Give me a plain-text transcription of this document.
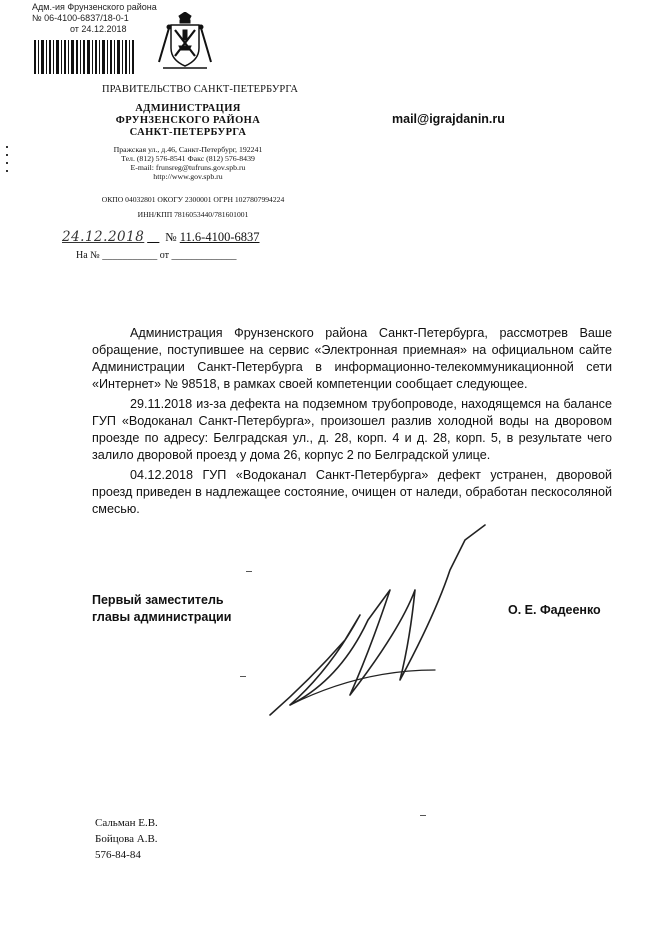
Адм.-ия Фрунзенского района
№ 06-4100-6837/18-0-1
от 24.12.2018
ПРАВИТЕЛЬСТВО САНКТ-ПЕТЕРБУРГА
АДМИНИСТРАЦИЯ
ФРУНЗЕНСКОГО РАЙОНА
САНКТ-ПЕТЕРБУРГА
Пражская ул., д.46, Санкт-Петербург, 192241
Тел. (812) 576-8541 Факс (812) 576-8439
E-mail: frunsreg@tufruns.gov.spb.ru
http://www.gov.spb.ru
ОКПО 04032801 ОКОГУ 2300001 ОГРН 1027807994224
ИНН/КПП 7816053440/781601001
24.12.2018 __ № 11.6-4100-6837
На № ___________ от _____________
mail@igrajdanin.ru

Администрация Фрунзенского района Санкт-Петербурга, рассмотрев Ваше обращение, поступившее на сервис «Электронная приемная» на официальном сайте Администрации Санкт-Петербурга в информационно-телекоммуникационной сети «Интернет» № 98518, в рамках своей компетенции сообщает следующее.

29.11.2018 из-за дефекта на подземном трубопроводе, находящемся на балансе ГУП «Водоканал Санкт-Петербурга», произошел разлив холодной воды на дворовом проезде по адресу: Белградская ул., д. 28, корп. 4 и д. 28, корп. 5, в результате чего залило дворовой проезд у дома 26, корпус 2 по Белградской улице.

04.12.2018 ГУП «Водоканал Санкт-Петербурга» дефект устранен, дворовой проезд приведен в надлежащее состояние, очищен от наледи, обработан пескосоляной смесью.

Первый заместитель
главы администрации	О. Е. Фадеенко
Сальман Е.В.
Бойцова А.В.
576-84-84
